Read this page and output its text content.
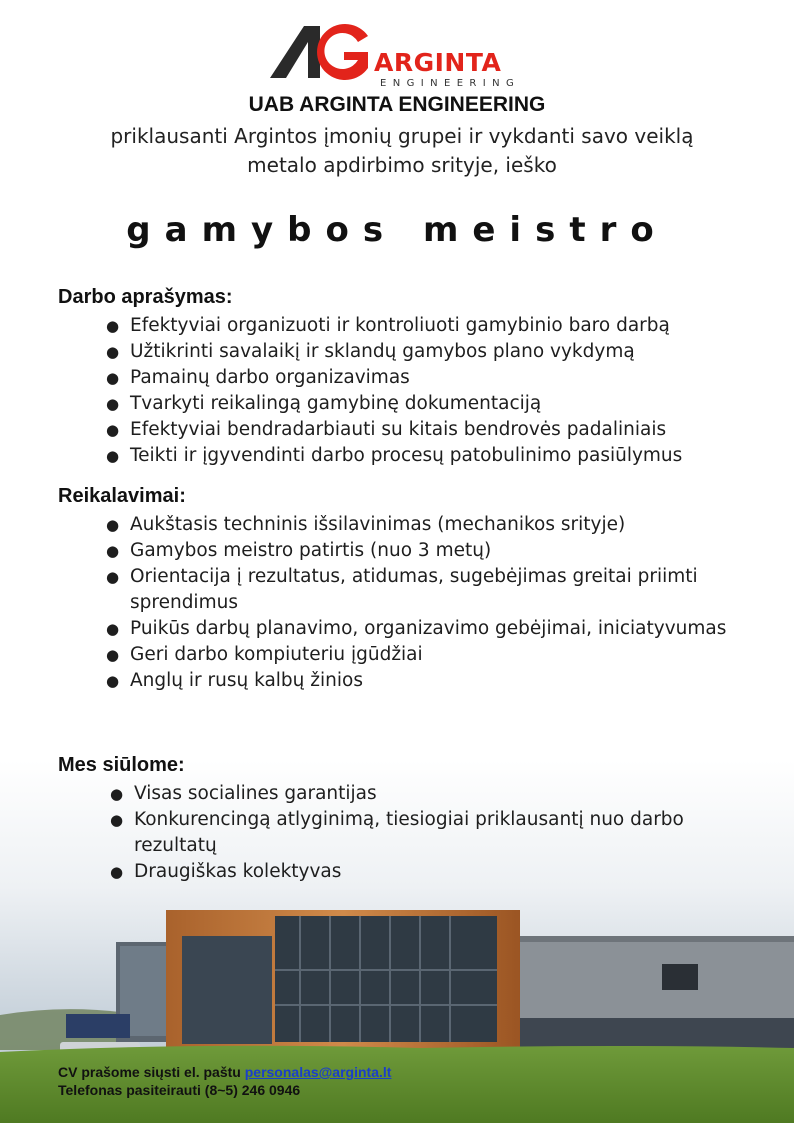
ARGINTA
ENGINEERING
UAB ARGINTA ENGINEERING
priklausanti Argintos įmonių grupei ir vykdanti savo veiklą
metalo apdirbimo srityje, ieško
gamybos meistro
Darbo aprašymas:
● Efektyviai organizuoti ir kontroliuoti gamybinio baro darbą
● Užtikrinti savalaikį ir sklandų gamybos plano vykdymą
● Pamainų darbo organizavimas
● Tvarkyti reikalingą gamybinę dokumentaciją
● Efektyviai bendradarbiauti su kitais bendrovės padaliniais
● Teikti ir įgyvendinti darbo procesų patobulinimo pasiūlymus
Reikalavimai:
● Aukštasis techninis išsilavinimas (mechanikos srityje)
● Gamybos meistro patirtis (nuo 3 metų)
● Orientacija į rezultatus, atidumas, sugebėjimas greitai priimti sprendimus
● Puikūs darbų planavimo, organizavimo gebėjimai, iniciatyvumas
● Geri darbo kompiuteriu įgūdžiai
● Anglų ir rusų kalbų žinios
Mes siūlome:
● Visas socialines garantijas
● Konkurencingą atlyginimą, tiesiogiai priklausantį nuo darbo rezultatų
● Draugiškas kolektyvas
CV prašome siųsti el. paštu personalas@arginta.lt
Telefonas pasiteirauti (8~5) 246 0946
